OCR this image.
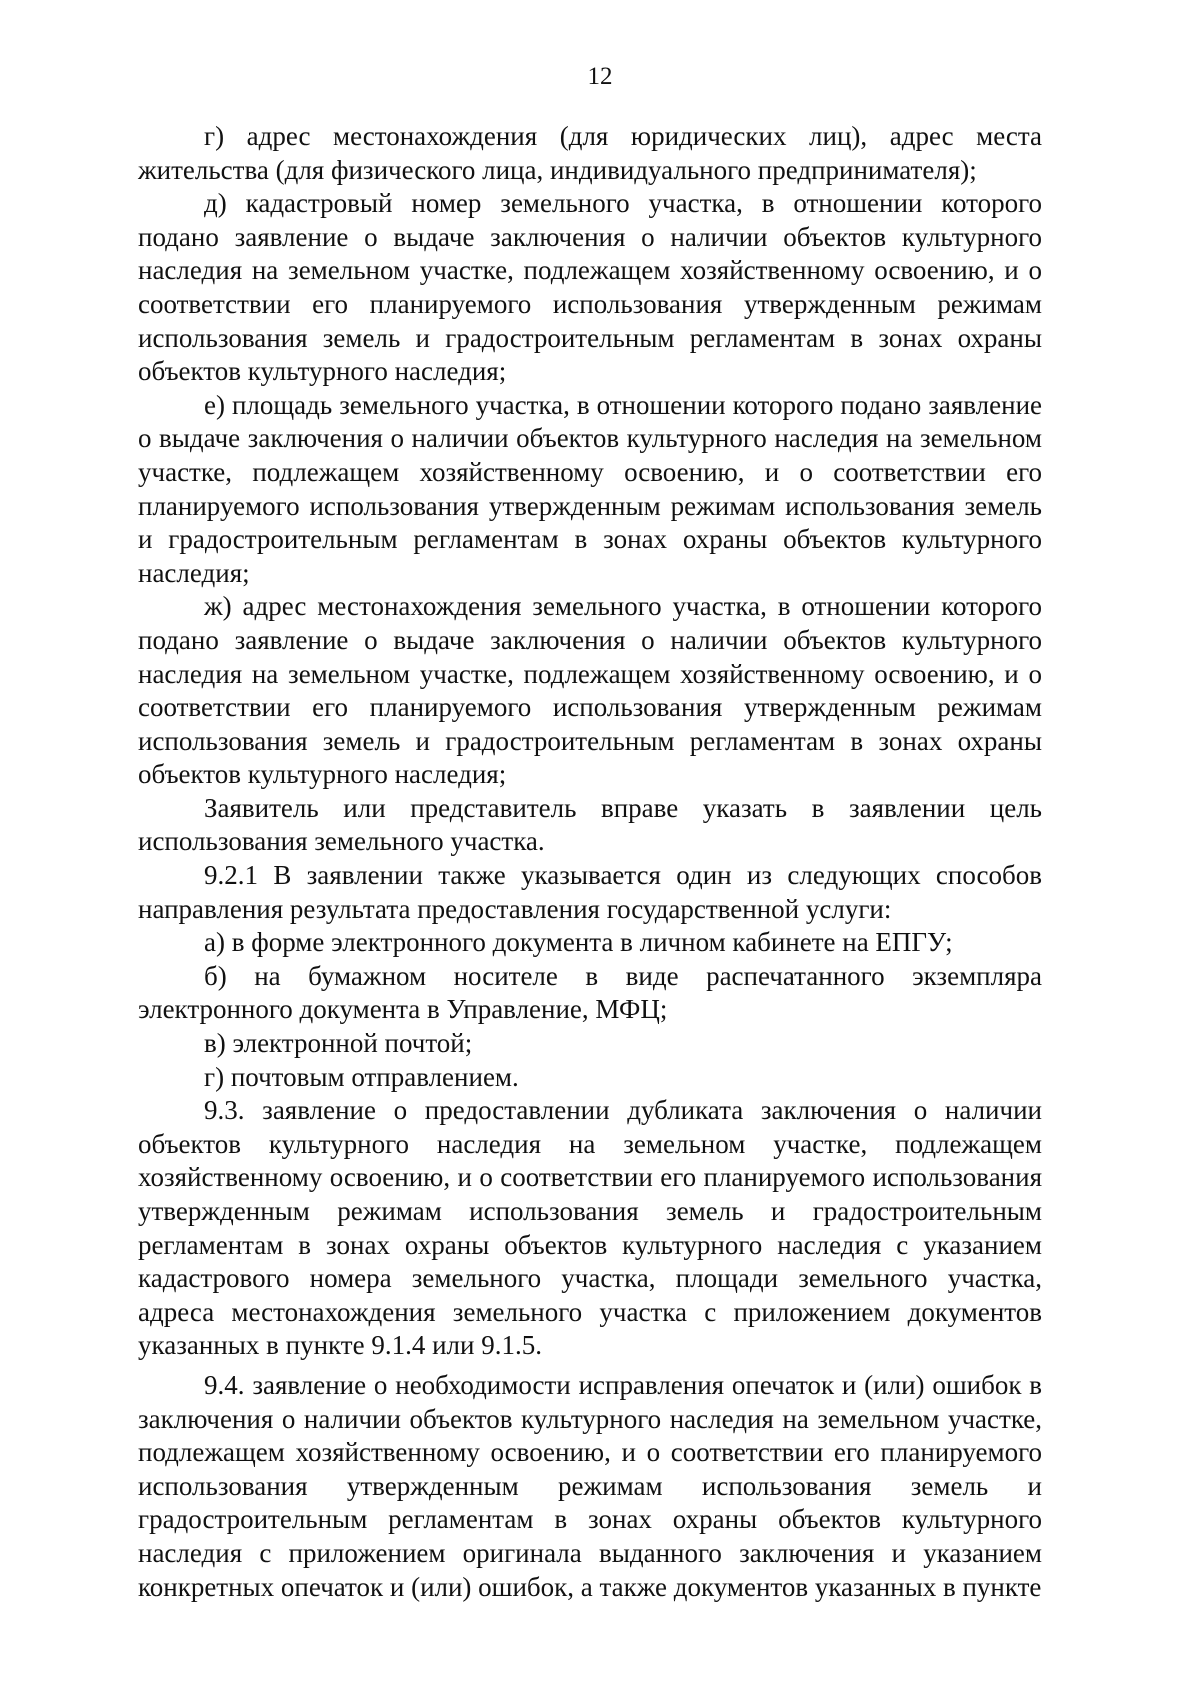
12

г) адрес местонахождения (для юридических лиц), адрес места жительства (для физического лица, индивидуального предпринимателя);

д) кадастровый номер земельного участка, в отношении которого подано заявление о выдаче заключения о наличии объектов культурного наследия на земельном участке, подлежащем хозяйственному освоению, и о соответствии его планируемого использования утвержденным режимам использования земель и градостроительным регламентам в зонах охраны объектов культурного наследия;

е) площадь земельного участка, в отношении которого подано заявление о выдаче заключения о наличии объектов культурного наследия на земельном участке, подлежащем хозяйственному освоению, и о соответствии его планируемого использования утвержденным режимам использования земель и градостроительным регламентам в зонах охраны объектов культурного наследия;

ж) адрес местонахождения земельного участка, в отношении которого подано заявление о выдаче заключения о наличии объектов культурного наследия на земельном участке, подлежащем хозяйственному освоению, и о соответствии его планируемого использования утвержденным режимам использования земель и градостроительным регламентам в зонах охраны объектов культурного наследия;

Заявитель или представитель вправе указать в заявлении цель использования земельного участка.

9.2.1 В заявлении также указывается один из следующих способов направления результата предоставления государственной услуги:

а) в форме электронного документа в личном кабинете на ЕПГУ;

б) на бумажном носителе в виде распечатанного экземпляра электронного документа в Управление, МФЦ;

в) электронной почтой;

г) почтовым отправлением.

9.3. заявление о предоставлении дубликата заключения о наличии объектов культурного наследия на земельном участке, подлежащем хозяйственному освоению, и о соответствии его планируемого использования утвержденным режимам использования земель и градостроительным регламентам в зонах охраны объектов культурного наследия с указанием кадастрового номера земельного участка, площади земельного участка, адреса местонахождения земельного участка с приложением документов указанных в пункте 9.1.4 или 9.1.5.

9.4. заявление о необходимости исправления опечаток и (или) ошибок в заключения о наличии объектов культурного наследия на земельном участке, подлежащем хозяйственному освоению, и о соответствии его планируемого использования утвержденным режимам использования земель и градостроительным регламентам в зонах охраны объектов культурного наследия с приложением оригинала выданного заключения и указанием конкретных опечаток и (или) ошибок, а также документов указанных в пункте
